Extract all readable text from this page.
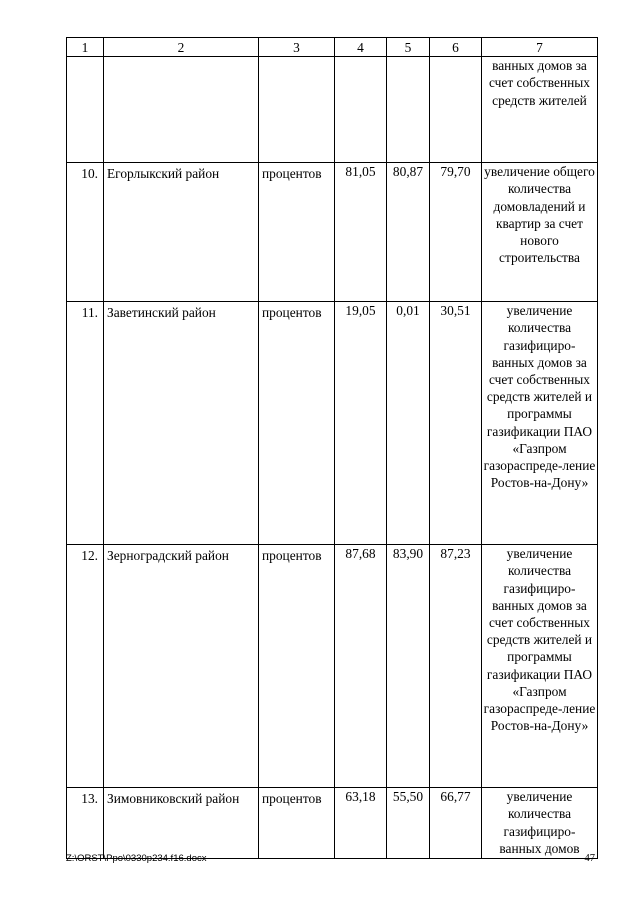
1	2	3	4	5	6	7
						ванных домов за счет собственных средств жителей
10.	Егорлыкский район	процентов	81,05	80,87	79,70	увеличение общего количества домовладений и квартир за счет нового строительства
11.	Заветинский район	процентов	19,05	0,01	30,51	увеличение количества газифициро-ванных домов за счет собственных средств жителей и программы газификации ПАО «Газпром газораспреде-ление Ростов-на-Дону»
12.	Зерноградский район	процентов	87,68	83,90	87,23	увеличение количества газифициро-ванных домов за счет собственных средств жителей и программы газификации ПАО «Газпром газораспреде-ление Ростов-на-Дону»
13.	Зимовниковский район	процентов	63,18	55,50	66,77	увеличение количества газифициро-ванных домов
Z:\ORST\Ppo\0330p234.f16.docx	47
